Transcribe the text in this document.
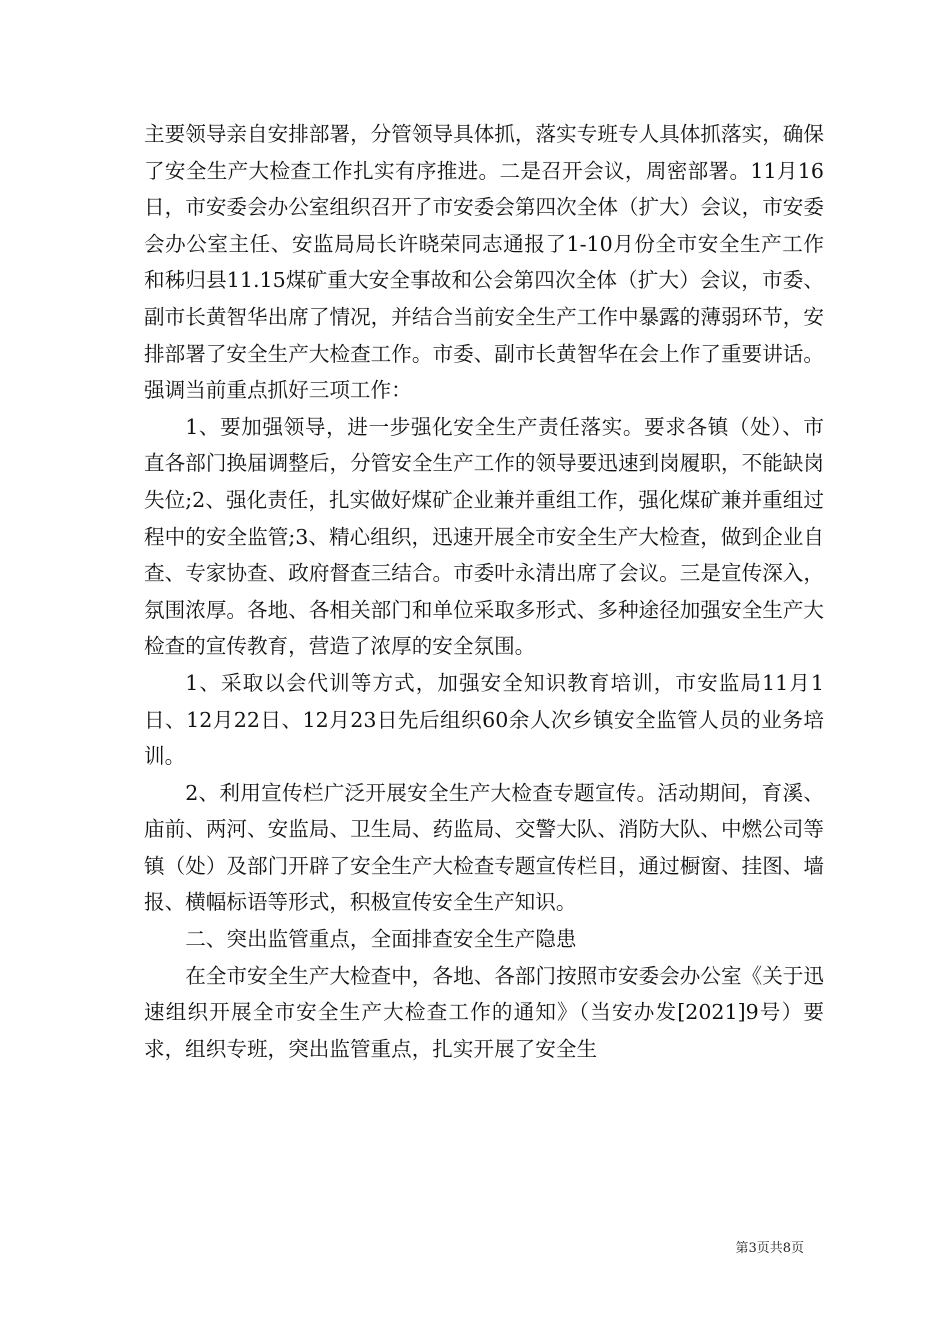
主要领导亲自安排部署，分管领导具体抓，落实专班专人具体抓落实，确保了安全生产大检查工作扎实有序推进。二是召开会议，周密部署。11月16日，市安委会办公室组织召开了市安委会第四次全体（扩大）会议，市安委会办公室主任、安监局局长许晓荣同志通报了1-10月份全市安全生产工作和秭归县11.15煤矿重大安全事故和公会第四次全体（扩大）会议，市委、副市长黄智华出席了情况，并结合当前安全生产工作中暴露的薄弱环节，安排部署了安全生产大检查工作。市委、副市长黄智华在会上作了重要讲话。强调当前重点抓好三项工作：

1、要加强领导，进一步强化安全生产责任落实。要求各镇（处）、市直各部门换届调整后，分管安全生产工作的领导要迅速到岗履职，不能缺岗失位;2、强化责任，扎实做好煤矿企业兼并重组工作，强化煤矿兼并重组过程中的安全监管;3、精心组织，迅速开展全市安全生产大检查，做到企业自查、专家协查、政府督查三结合。市委叶永清出席了会议。三是宣传深入，氛围浓厚。各地、各相关部门和单位采取多形式、多种途径加强安全生产大检查的宣传教育，营造了浓厚的安全氛围。

1、采取以会代训等方式，加强安全知识教育培训，市安监局11月1日、12月22日、12月23日先后组织60余人次乡镇安全监管人员的业务培训。

2、利用宣传栏广泛开展安全生产大检查专题宣传。活动期间，育溪、庙前、两河、安监局、卫生局、药监局、交警大队、消防大队、中燃公司等镇（处）及部门开辟了安全生产大检查专题宣传栏目，通过橱窗、挂图、墙报、横幅标语等形式，积极宣传安全生产知识。

二、突出监管重点，全面排查安全生产隐患

在全市安全生产大检查中，各地、各部门按照市安委会办公室《关于迅速组织开展全市安全生产大检查工作的通知》（当安办发[2021]9号）要求，组织专班，突出监管重点，扎实开展了安全生

第3页共8页
